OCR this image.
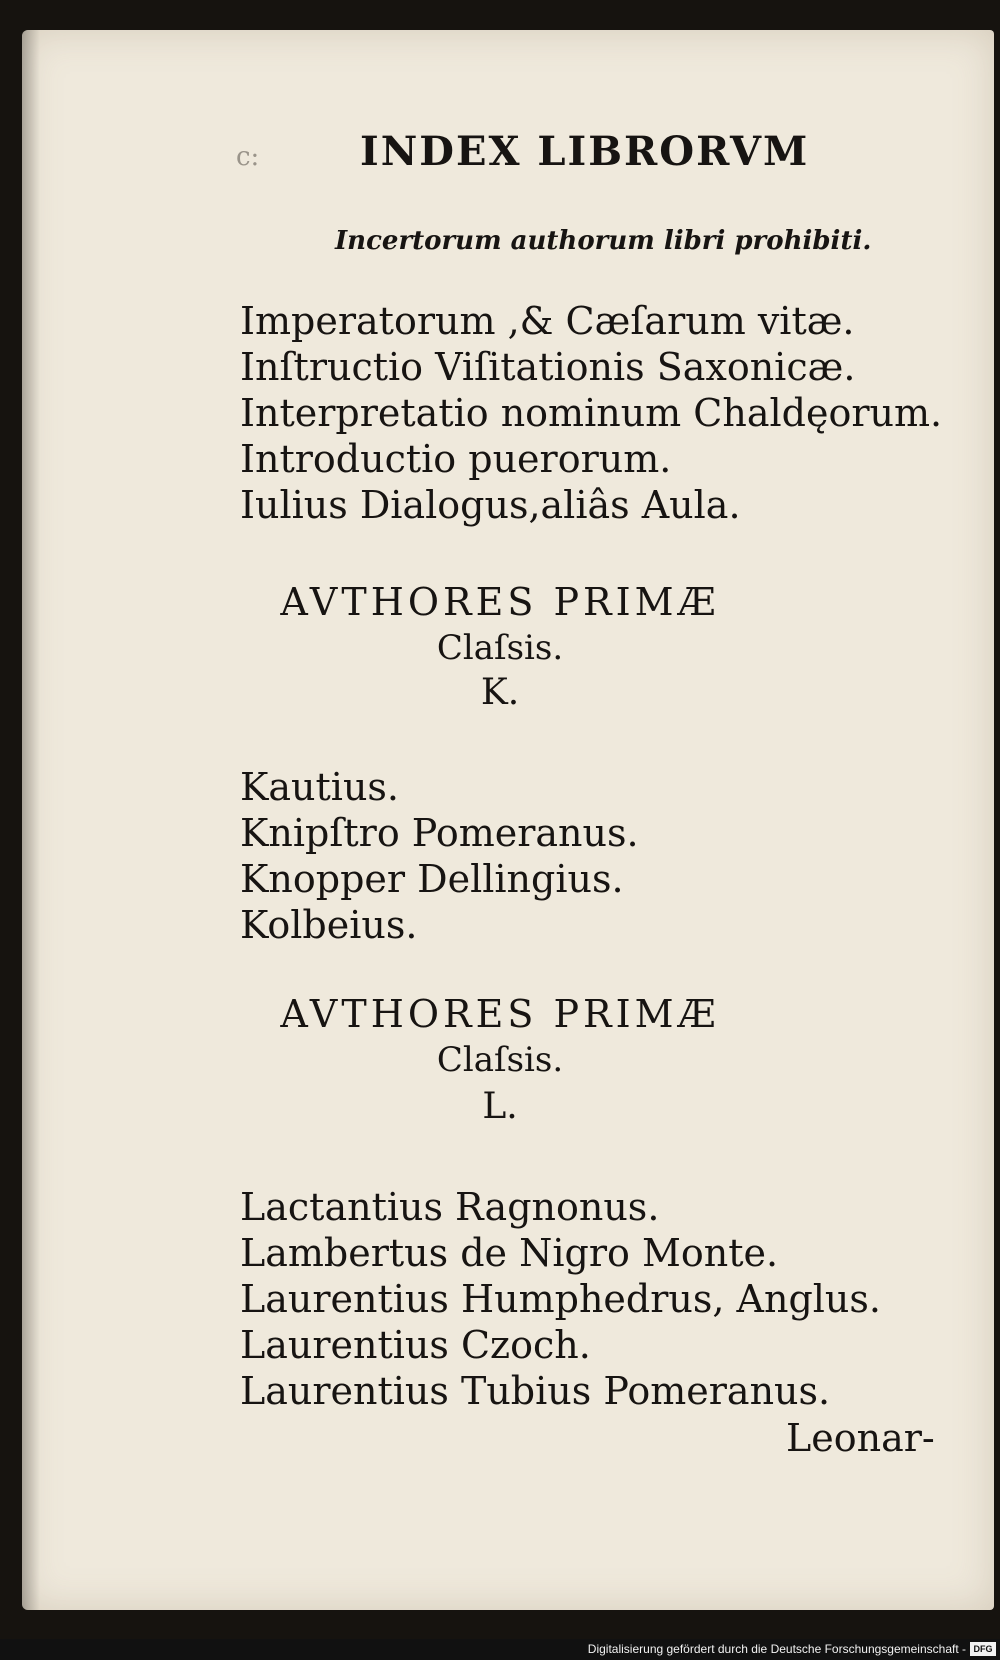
c:	INDEX LIBRORVM
Incertorum authorum libri prohibiti.
Imperatorum ,& Cæſarum vitæ.
Inſtructio Viſitationis Saxonicæ.
Interpretatio nominum Chaldęorum.
Introductio puerorum.
Iulius Dialogus,aliâs Aula.
AVTHORES PRIMÆ
Claſsis.
K.
Kautius.
Knipſtro Pomeranus.
Knopper Dellingius.
Kolbeius.
AVTHORES PRIMÆ
Claſsis.
L.
Lactantius Ragnonus.
Lambertus de Nigro Monte.
Laurentius Humphedrus, Anglus.
Laurentius Czoch.
Laurentius Tubius Pomeranus.
Leonar-
Digitalisierung gefördert durch die Deutsche Forschungsgemeinschaft - DFG
